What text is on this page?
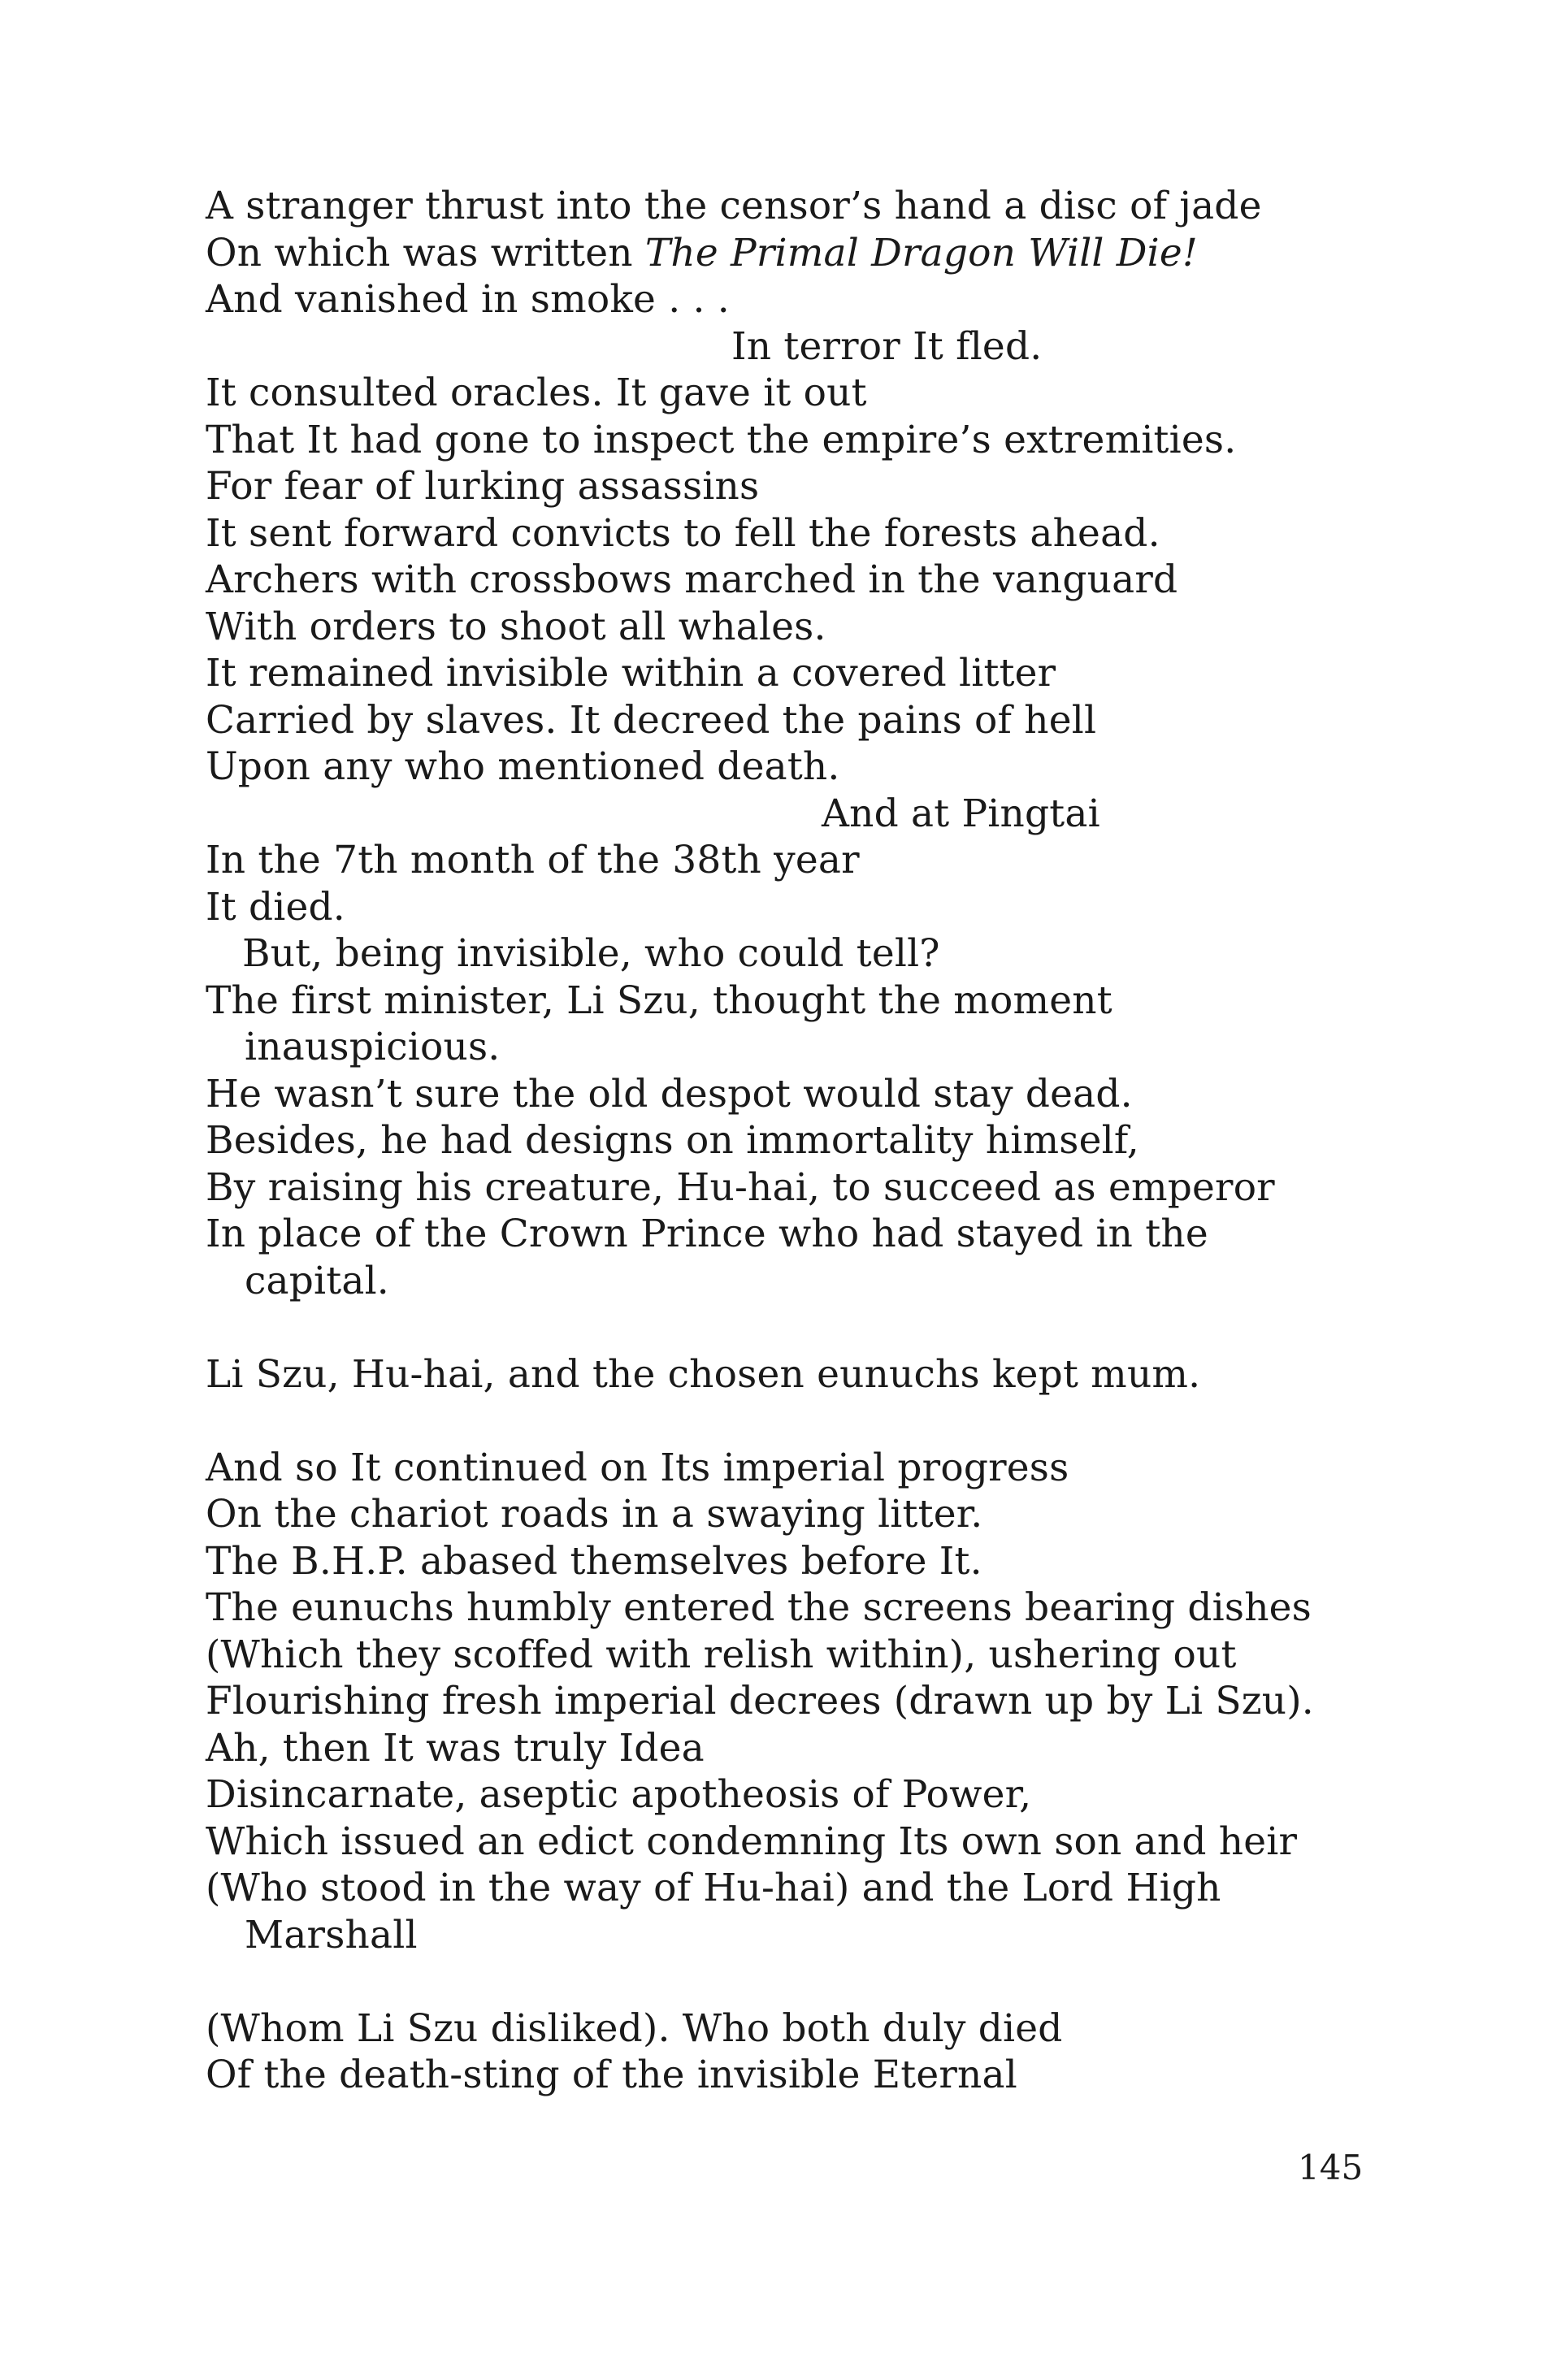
A stranger thrust into the censor’s hand a disc of jade
On which was written The Primal Dragon Will Die!
And vanished in smoke . . .
In terror It fled.
It consulted oracles. It gave it out
That It had gone to inspect the empire’s extremities.
For fear of lurking assassins
It sent forward convicts to fell the forests ahead.
Archers with crossbows marched in the vanguard
With orders to shoot all whales.
It remained invisible within a covered litter
Carried by slaves. It decreed the pains of hell
Upon any who mentioned death.
And at Pingtai
In the 7th month of the 38th year
It died.
But, being invisible, who could tell?
The first minister, Li Szu, thought the moment
inauspicious.
He wasn’t sure the old despot would stay dead.
Besides, he had designs on immortality himself,
By raising his creature, Hu-hai, to succeed as emperor
In place of the Crown Prince who had stayed in the
capital.
Li Szu, Hu-hai, and the chosen eunuchs kept mum.
And so It continued on Its imperial progress
On the chariot roads in a swaying litter.
The B.H.P. abased themselves before It.
The eunuchs humbly entered the screens bearing dishes
(Which they scoffed with relish within), ushering out
Flourishing fresh imperial decrees (drawn up by Li Szu).
Ah, then It was truly Idea
Disincarnate, aseptic apotheosis of Power,
Which issued an edict condemning Its own son and heir
(Who stood in the way of Hu-hai) and the Lord High
Marshall
(Whom Li Szu disliked). Who both duly died
Of the death-sting of the invisible Eternal
145
